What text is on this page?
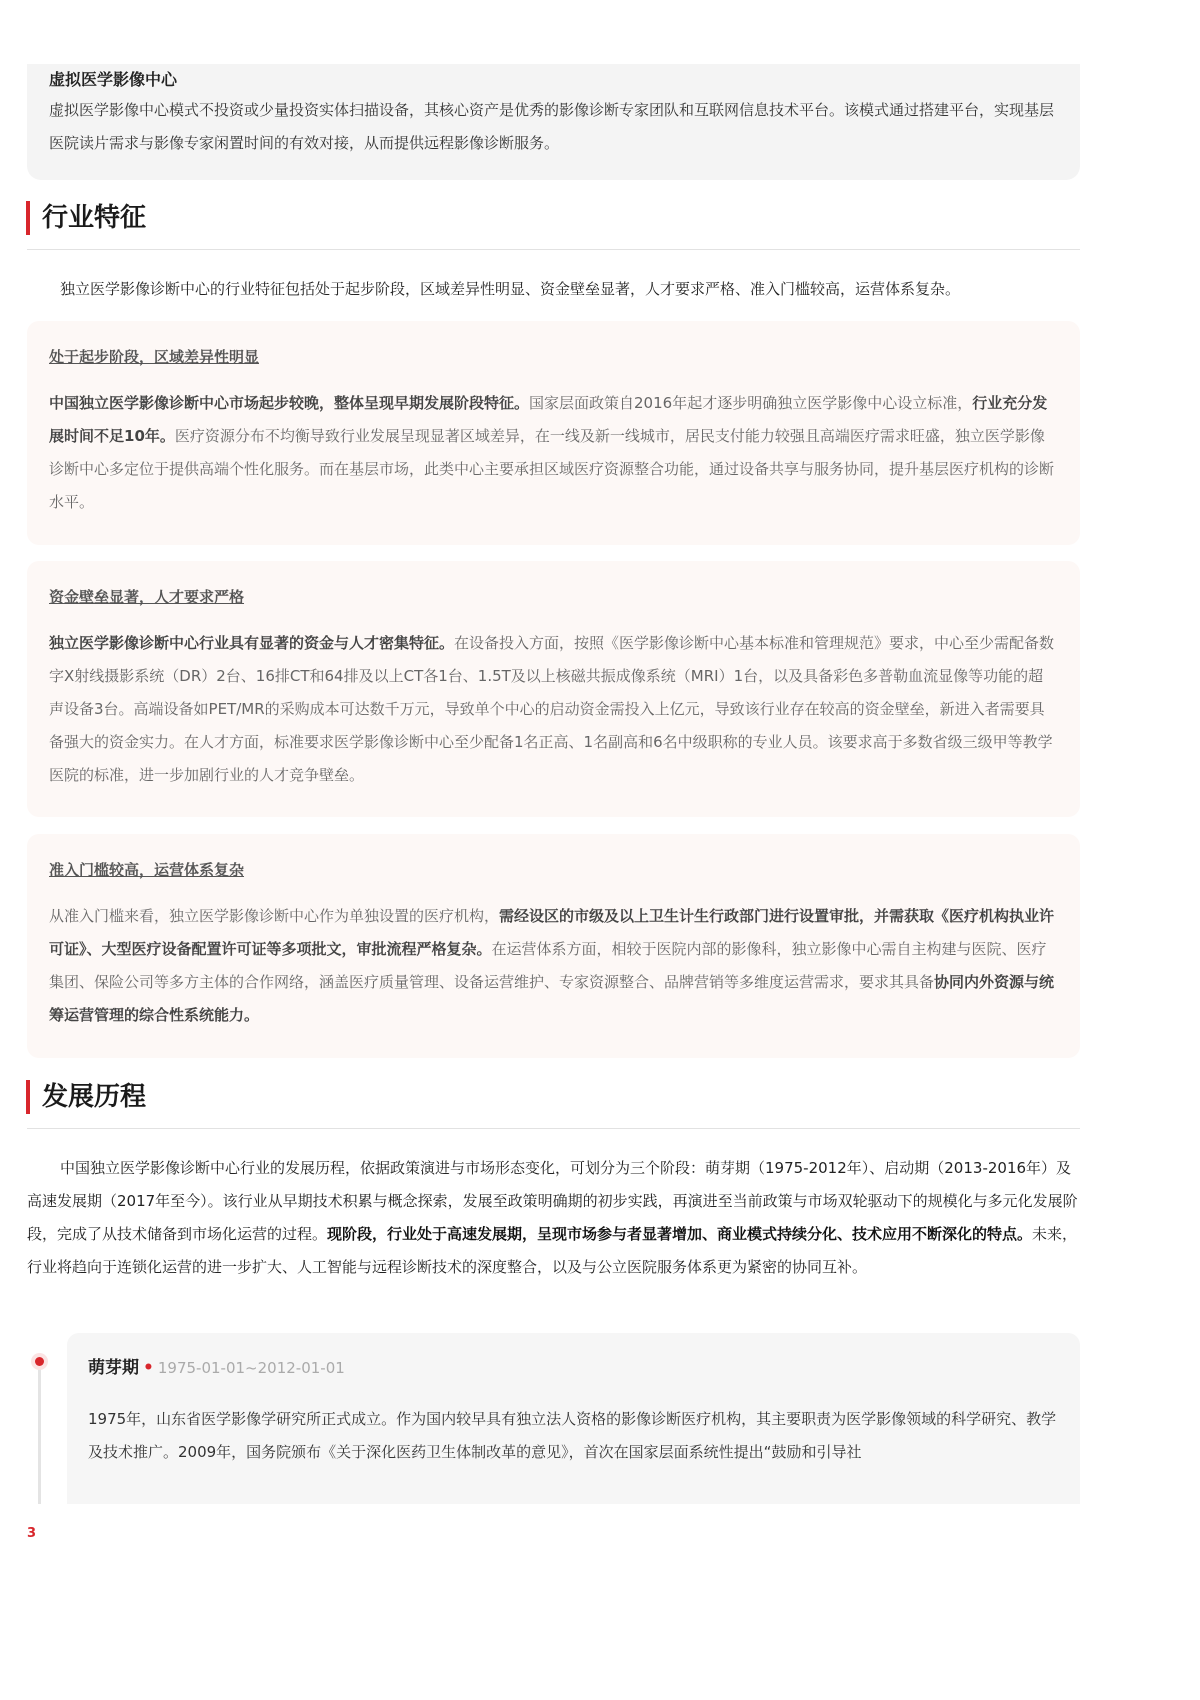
虚拟医学影像中心
虚拟医学影像中心模式不投资或少量投资实体扫描设备，其核心资产是优秀的影像诊断专家团队和互联网信息技术平台。该模式通过搭建平台，实现基层医院读片需求与影像专家闲置时间的有效对接，从而提供远程影像诊断服务。
行业特征
独立医学影像诊断中心的行业特征包括处于起步阶段，区域差异性明显、资金壁垒显著，人才要求严格、准入门槛较高，运营体系复杂。
处于起步阶段，区域差异性明显
中国独立医学影像诊断中心市场起步较晚，整体呈现早期发展阶段特征。国家层面政策自2016年起才逐步明确独立医学影像中心设立标准，行业充分发展时间不足10年。医疗资源分布不均衡导致行业发展呈现显著区域差异，在一线及新一线城市，居民支付能力较强且高端医疗需求旺盛，独立医学影像诊断中心多定位于提供高端个性化服务。而在基层市场，此类中心主要承担区域医疗资源整合功能，通过设备共享与服务协同，提升基层医疗机构的诊断水平。
资金壁垒显著，人才要求严格
独立医学影像诊断中心行业具有显著的资金与人才密集特征。在设备投入方面，按照《医学影像诊断中心基本标准和管理规范》要求，中心至少需配备数字X射线摄影系统（DR）2台、16排CT和64排及以上CT各1台、1.5T及以上核磁共振成像系统（MRI）1台，以及具备彩色多普勒血流显像等功能的超声设备3台。高端设备如PET/MR的采购成本可达数千万元，导致单个中心的启动资金需投入上亿元，导致该行业存在较高的资金壁垒，新进入者需要具备强大的资金实力。在人才方面，标准要求医学影像诊断中心至少配备1名正高、1名副高和6名中级职称的专业人员。该要求高于多数省级三级甲等教学医院的标准，进一步加剧行业的人才竞争壁垒。
准入门槛较高，运营体系复杂
从准入门槛来看，独立医学影像诊断中心作为单独设置的医疗机构，需经设区的市级及以上卫生计生行政部门进行设置审批，并需获取《医疗机构执业许可证》、大型医疗设备配置许可证等多项批文，审批流程严格复杂。在运营体系方面，相较于医院内部的影像科，独立影像中心需自主构建与医院、医疗集团、保险公司等多方主体的合作网络，涵盖医疗质量管理、设备运营维护、专家资源整合、品牌营销等多维度运营需求，要求其具备协同内外资源与统筹运营管理的综合性系统能力。
发展历程
中国独立医学影像诊断中心行业的发展历程，依据政策演进与市场形态变化，可划分为三个阶段：萌芽期（1975-2012年）、启动期（2013-2016年）及高速发展期（2017年至今）。该行业从早期技术积累与概念探索，发展至政策明确期的初步实践，再演进至当前政策与市场双轮驱动下的规模化与多元化发展阶段，完成了从技术储备到市场化运营的过程。现阶段，行业处于高速发展期，呈现市场参与者显著增加、商业模式持续分化、技术应用不断深化的特点。未来，行业将趋向于连锁化运营的进一步扩大、人工智能与远程诊断技术的深度整合，以及与公立医院服务体系更为紧密的协同互补。
萌芽期 • 1975-01-01~2012-01-01
1975年，山东省医学影像学研究所正式成立。作为国内较早具有独立法人资格的影像诊断医疗机构，其主要职责为医学影像领域的科学研究、教学及技术推广。2009年，国务院颁布《关于深化医药卫生体制改革的意见》，首次在国家层面系统性提出“鼓励和引导社
3
